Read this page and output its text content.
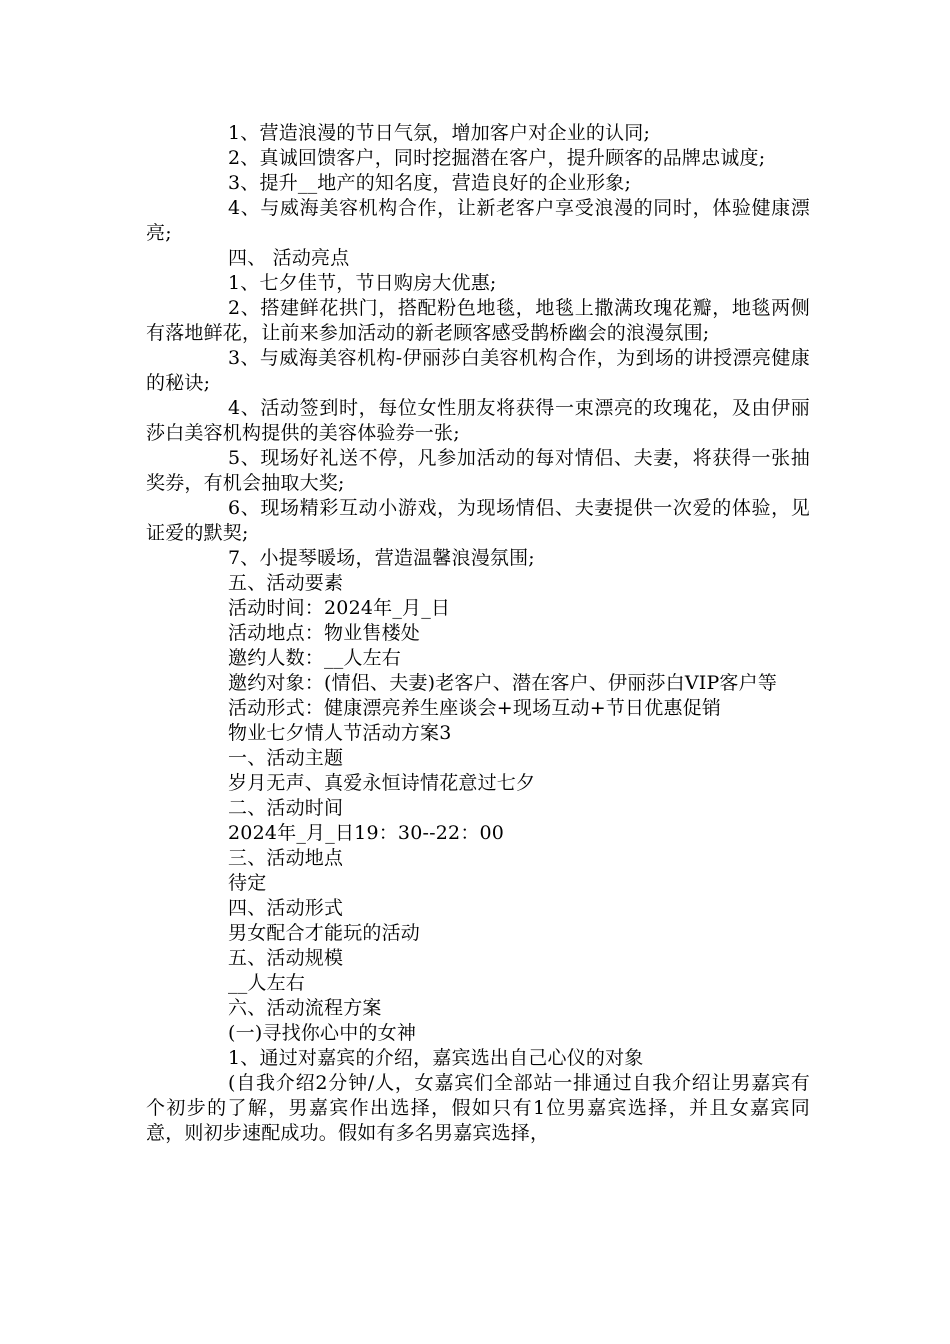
1、营造浪漫的节日气氛，增加客户对企业的认同;

2、真诚回馈客户，同时挖掘潜在客户，提升顾客的品牌忠诚度;

3、提升__地产的知名度，营造良好的企业形象;

4、与威海美容机构合作，让新老客户享受浪漫的同时，体验健康漂亮;

四、 活动亮点

1、七夕佳节，节日购房大优惠;

2、搭建鲜花拱门，搭配粉色地毯，地毯上撒满玫瑰花瓣，地毯两侧有落地鲜花，让前来参加活动的新老顾客感受鹊桥幽会的浪漫氛围;

3、与威海美容机构-伊丽莎白美容机构合作，为到场的讲授漂亮健康的秘诀;

4、活动签到时，每位女性朋友将获得一束漂亮的玫瑰花，及由伊丽莎白美容机构提供的美容体验券一张;

5、现场好礼送不停，凡参加活动的每对情侣、夫妻，将获得一张抽奖券，有机会抽取大奖;

6、现场精彩互动小游戏，为现场情侣、夫妻提供一次爱的体验，见证爱的默契;

7、小提琴暖场，营造温馨浪漫氛围;

五、活动要素

活动时间：2024年_月_日

活动地点：物业售楼处

邀约人数：__人左右

邀约对象：(情侣、夫妻)老客户、潜在客户、伊丽莎白VIP客户等

活动形式：健康漂亮养生座谈会+现场互动+节日优惠促销

物业七夕情人节活动方案3

一、活动主题

岁月无声、真爱永恒诗情花意过七夕

二、活动时间

2024年_月_日19：30--22：00

三、活动地点

待定

四、活动形式

男女配合才能玩的活动

五、活动规模

__人左右

六、活动流程方案

(一)寻找你心中的女神

1、通过对嘉宾的介绍，嘉宾选出自己心仪的对象

(自我介绍2分钟/人，女嘉宾们全部站一排通过自我介绍让男嘉宾有个初步的了解，男嘉宾作出选择，假如只有1位男嘉宾选择，并且女嘉宾同意，则初步速配成功。假如有多名男嘉宾选择，
